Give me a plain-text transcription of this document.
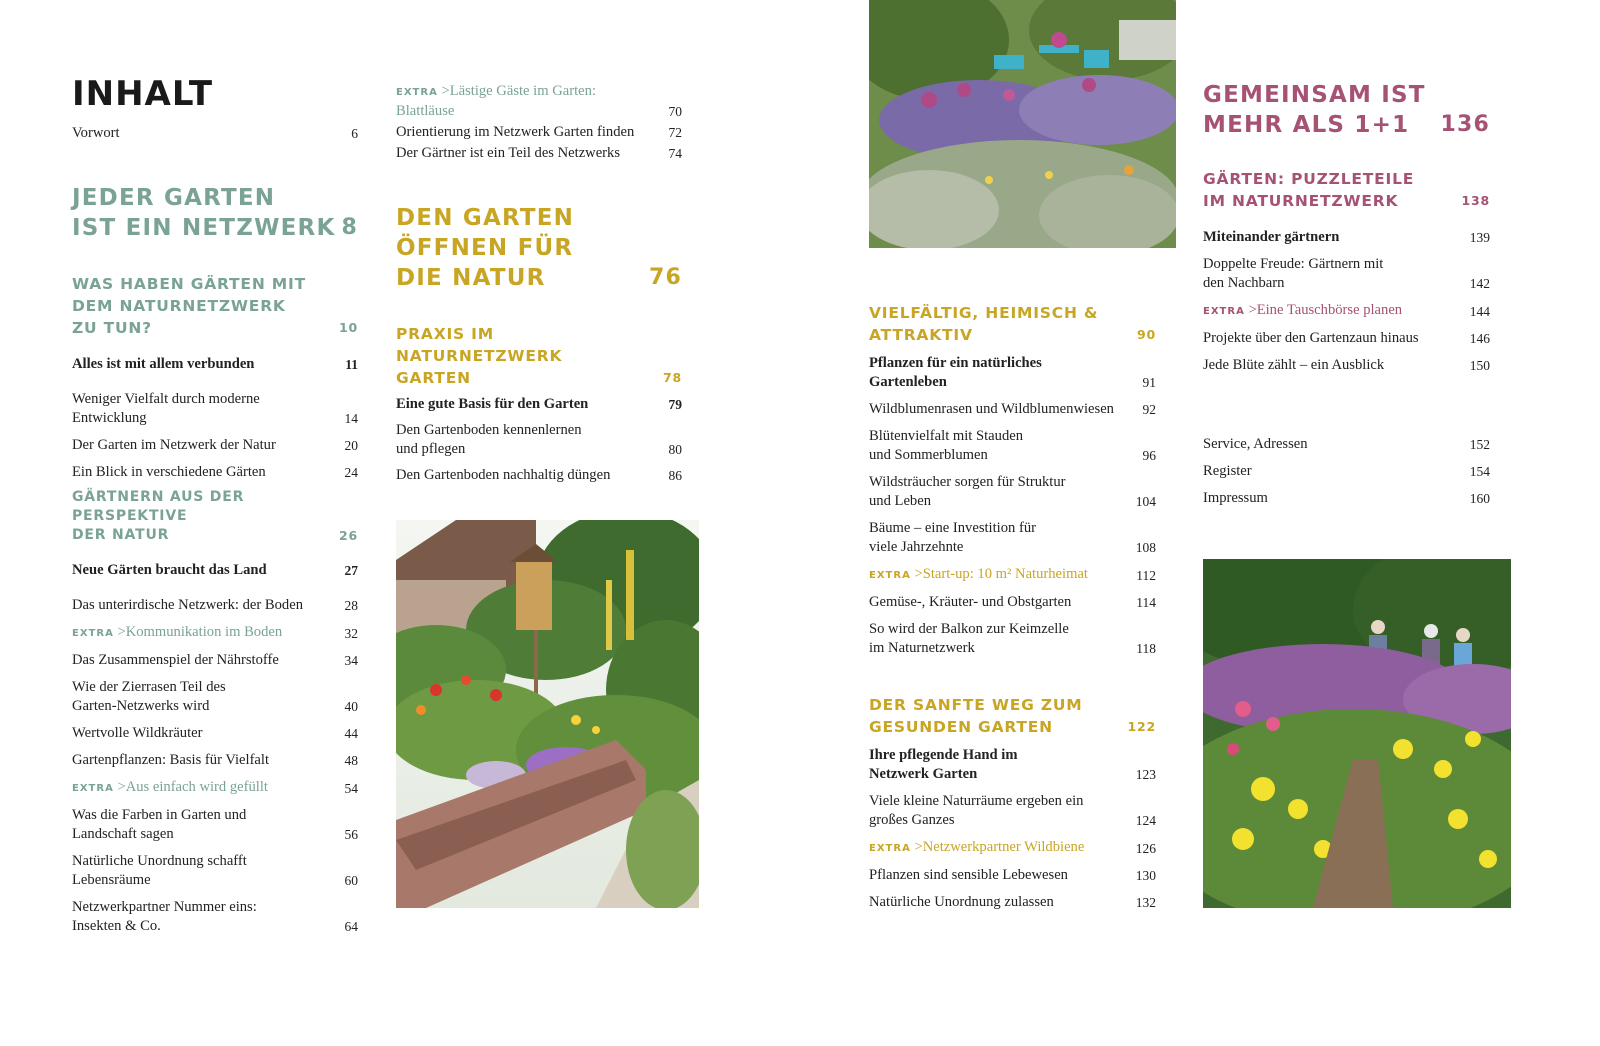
INHALT
Vorwort	6
JEDER GARTEN
IST EIN NETZWERK 8
WAS HABEN GÄRTEN MIT
DEM NATURNETZWERK
ZU TUN?	10
Alles ist mit allem verbunden	11
Weniger Vielfalt durch moderne
Entwicklung	14
Der Garten im Netzwerk der Natur	20
Ein Blick in verschiedene Gärten	24
GÄRTNERN AUS DER PERSPEKTIVE
DER NATUR	26
Neue Gärten braucht das Land	27
Das unterirdische Netzwerk: der Boden	28
EXTRA >Kommunikation im Boden	32
Das Zusammenspiel der Nährstoffe	34
Wie der Zierrasen Teil des
Garten-Netzwerks wird	40
Wertvolle Wildkräuter	44
Gartenpflanzen: Basis für Vielfalt	48
EXTRA >Aus einfach wird gefüllt	54
Was die Farben in Garten und
Landschaft sagen	56
Natürliche Unordnung schafft
Lebensräume	60
Netzwerkpartner Nummer eins:
Insekten & Co.	64
EXTRA >Lästige Gäste im Garten:
Blattläuse	70
Orientierung im Netzwerk Garten finden	72
Der Gärtner ist ein Teil des Netzwerks	74
DEN GARTEN
ÖFFNEN FÜR
DIE NATUR	76
PRAXIS IM NATURNETZWERK
GARTEN	78
Eine gute Basis für den Garten	79
Den Gartenboden kennenlernen
und pflegen	80
Den Gartenboden nachhaltig düngen	86
VIELFÄLTIG, HEIMISCH &
ATTRAKTIV	90
Pflanzen für ein natürliches
Gartenleben	91
Wildblumenrasen und Wildblumenwiesen 92
Blütenvielfalt mit Stauden
und Sommerblumen	96
Wildsträucher sorgen für Struktur
und Leben	104
Bäume – eine Investition für
viele Jahrzehnte	108
EXTRA >Start-up: 10 m² Naturheimat	112
Gemüse-, Kräuter- und Obstgarten	114
So wird der Balkon zur Keimzelle
im Naturnetzwerk	118
DER SANFTE WEG ZUM
GESUNDEN GARTEN	122
Ihre pflegende Hand im
Netzwerk Garten	123
Viele kleine Naturräume ergeben ein
großes Ganzes	124
EXTRA >Netzwerkpartner Wildbiene	126
Pflanzen sind sensible Lebewesen	130
Natürliche Unordnung zulassen	132
GEMEINSAM IST
MEHR ALS 1+1	136
GÄRTEN: PUZZLETEILE
IM NATURNETZWERK	138
Miteinander gärtnern	139
Doppelte Freude: Gärtnern mit
den Nachbarn	142
EXTRA >Eine Tauschbörse planen	144
Projekte über den Gartenzaun hinaus	146
Jede Blüte zählt – ein Ausblick	150
Service, Adressen	152
Register	154
Impressum	160
